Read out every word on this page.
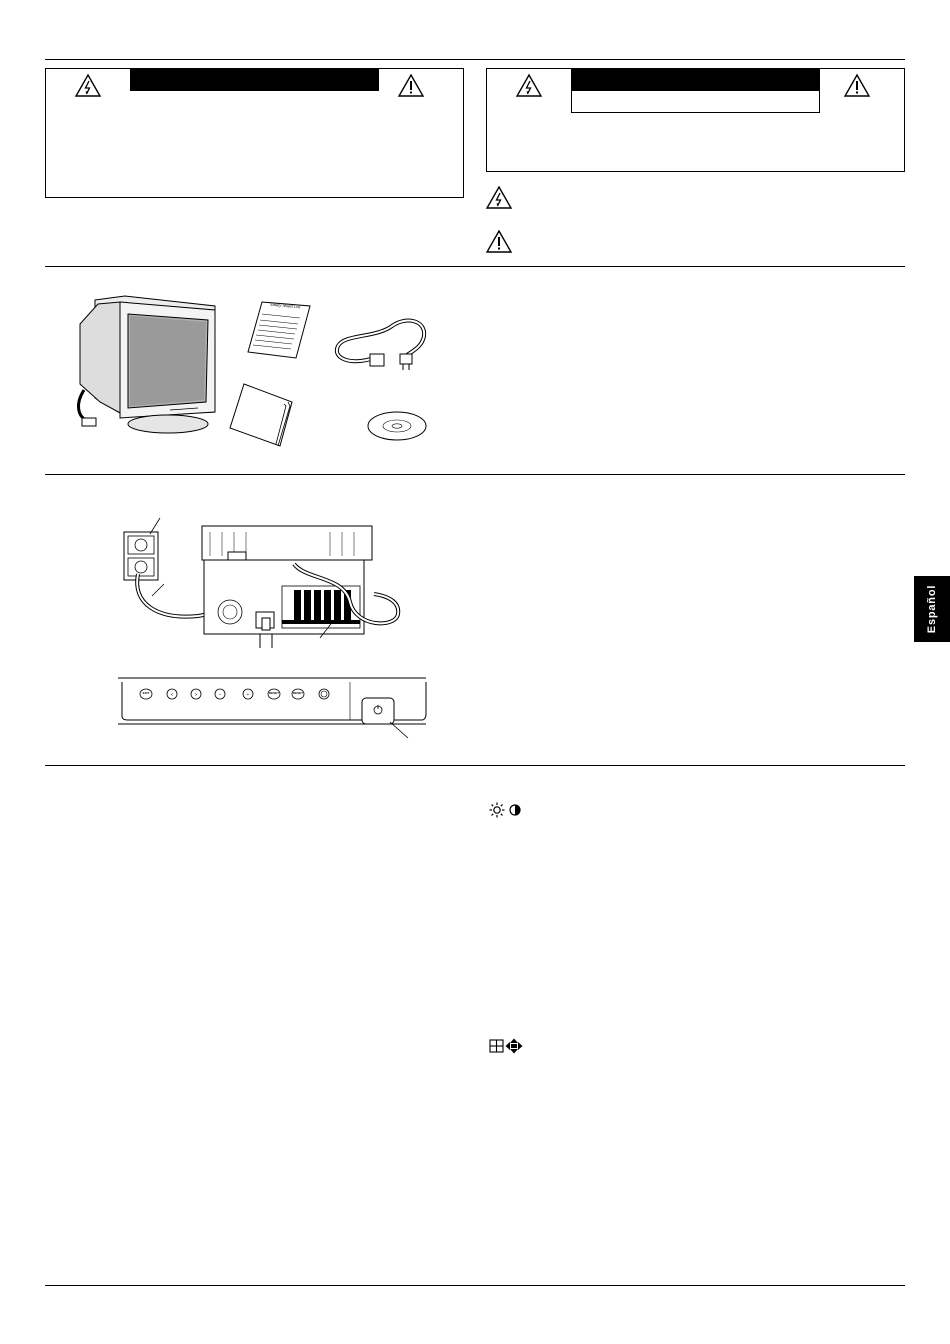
Safety Sheet List
<	>	−	+
EXIT	RESET	RESET
Español
